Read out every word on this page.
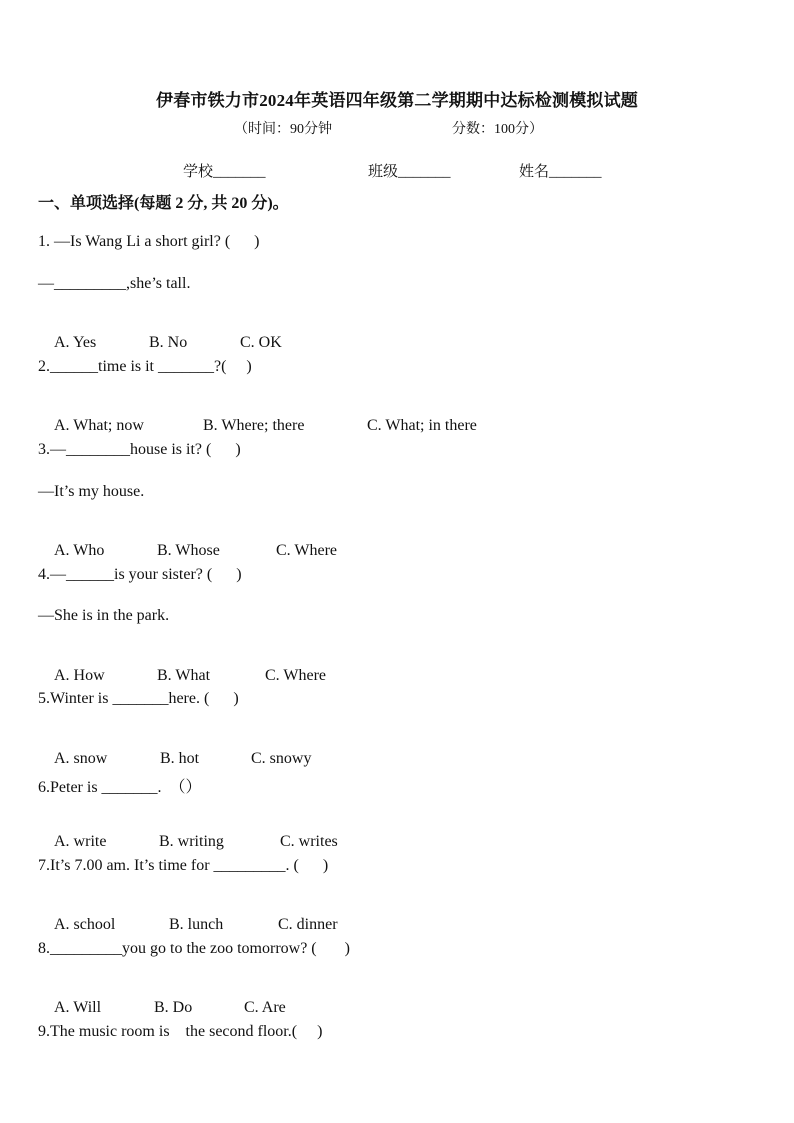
伊春市铁力市2024年英语四年级第二学期期中达标检测模拟试题
（时间：90分钟	分数：100分）
学校_______	班级_______	姓名_______
一、单项选择(每题 2 分, 共 20 分)。
1. —Is Wang Li a short girl? (      )
—_________,she’s tall.

A. Yes	B. No	C. OK

2.______time is it _______?(     )

A. What; now	B. Where; there	C. What; in there

3.—________house is it? (      )
—It’s my house.

A. Who	B. Whose	C. Where

4.—______is your sister? (      )
—She is in the park.

A. How	B. What	C. Where

5.Winter is _______here. (      )

A. snow	B. hot	C. snowy

6.Peter is _______.  （）

A. write	B. writing	C. writes

7.It’s 7.00 am. It’s time for _________. (      )

A. school	B. lunch	C. dinner

8._________you go to the zoo tomorrow? (       )

A. Will	B. Do	C. Are

9.The music room is    the second floor.(     )
